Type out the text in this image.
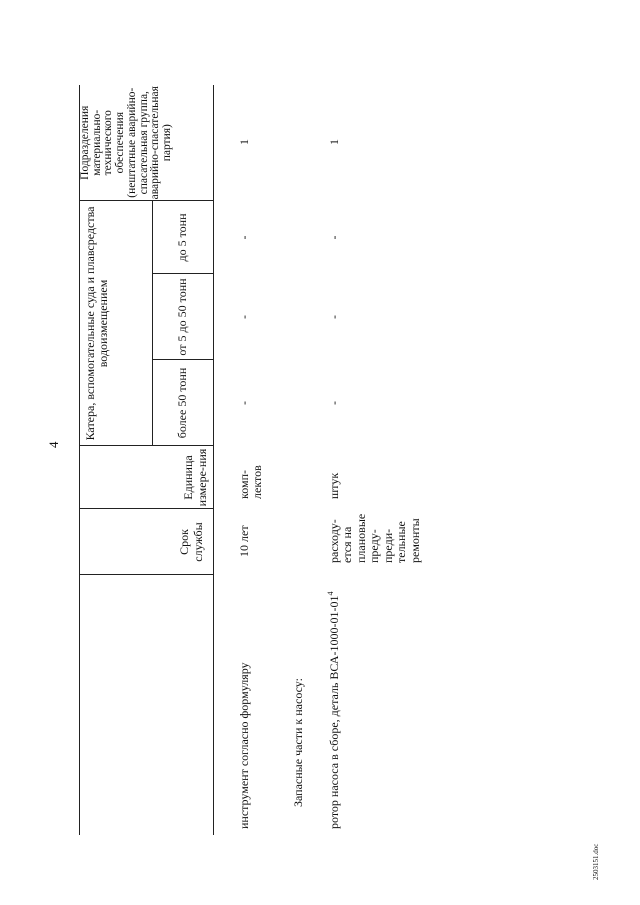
4
	Срок службы	Единица измере-ния	Катера, вспомогательные суда и плавсредства водоизмещением			Подразделения материально-технического обеспечения (нештатные аварийно-спасательная группа, аварийно-спасательная партия)
			более 50 тонн	от 5 до 50 тонн	до 5 тонн	
инструмент согласно формуляру	10 лет	комп-лектов	-	-	-	1
Запасные части к насосу:						
ротор насоса в сборе, деталь ВСА-$1000-01-01^4$	расходу-ется на плановые преду-преди-тельные ремонты	штук	-	-	-	1
2503151.doc
